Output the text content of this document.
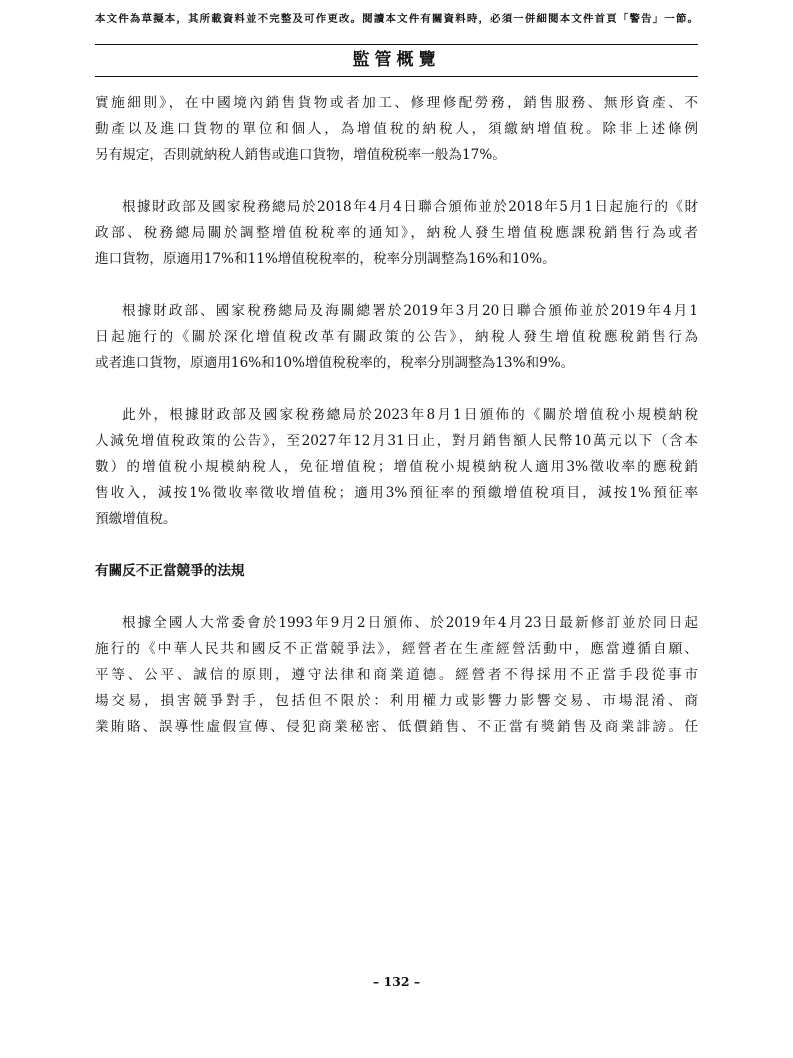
本文件為草擬本，其所載資料並不完整及可作更改。閱讀本文件有關資料時，必須一併細閱本文件首頁「警告」一節。
監管概覽
實施細則》，在中國境內銷售貨物或者加工、修理修配勞務，銷售服務、無形資產、不
動產以及進口貨物的單位和個人，為增值稅的納稅人，須繳納增值稅。除非上述條例
另有規定，否則就納稅人銷售或進口貨物，增值稅税率一般為17%。
根據財政部及國家稅務總局於2018年4月4日聯合頒佈並於2018年5月1日起施行的《財
政部、稅務總局關於調整增值稅稅率的通知》，納稅人發生增值稅應課稅銷售行為或者
進口貨物，原適用17%和11%增值稅稅率的，稅率分別調整為16%和10%。
根據財政部、國家稅務總局及海關總署於2019年3月20日聯合頒佈並於2019年4月1
日起施行的《關於深化增值稅改革有關政策的公告》，納稅人發生增值稅應稅銷售行為
或者進口貨物，原適用16%和10%增值稅稅率的，稅率分別調整為13%和9%。
此外，根據財政部及國家稅務總局於2023年8月1日頒佈的《關於增值稅小規模納稅
人減免增值稅政策的公告》，至2027年12月31日止，對月銷售額人民幣10萬元以下（含本
數）的增值稅小規模納稅人，免征增值稅；增值稅小規模納稅人適用3%徵收率的應稅銷
售收入，減按1%徵收率徵收增值稅；適用3%預征率的預繳增值稅項目，減按1%預征率
預繳增值稅。
有關反不正當競爭的法規
根據全國人大常委會於1993年9月2日頒佈、於2019年4月23日最新修訂並於同日起
施行的《中華人民共和國反不正當競爭法》，經營者在生產經營活動中，應當遵循自願、
平等、公平、誠信的原則，遵守法律和商業道德。經營者不得採用不正當手段從事市
場交易，損害競爭對手，包括但不限於：利用權力或影響力影響交易、市場混淆、商
業賄賂、誤導性虛假宣傳、侵犯商業秘密、低價銷售、不正當有獎銷售及商業誹謗。任
– 132 –
